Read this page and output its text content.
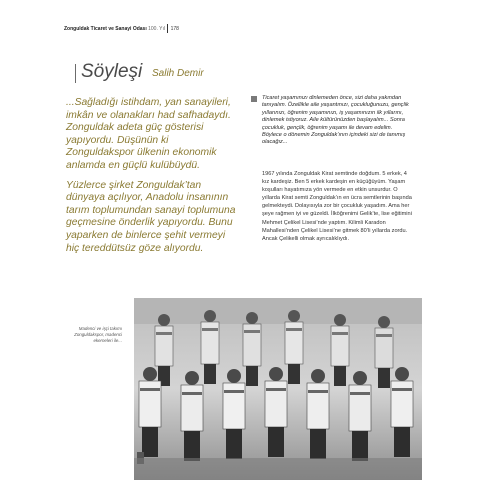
Zonguldak Ticaret ve Sanayi Odası 100. Yıl 178
Söyleşi Salih Demir

...Sağladığı istihdam, yan sanayileri, imkân ve olanakları had safhadaydı. Zonguldak adeta güç gösterisi yapıyordu. Düşünün ki Zonguldakspor ülkenin ekonomik anlamda en güçlü kulübüydü.

Yüzlerce şirket Zonguldak’tan dünyaya açılıyor, Anadolu insanının tarım toplumundan sanayi toplumuna geçmesine önderlik yapıyordu. Bunu yaparken de binlerce şehit vermeyi hiç tereddütsüz göze alıyordu.

Ticaret yaşamınızı dinlemeden önce, sizi daha yakından tanıyalım. Özellikle aile yaşantınızı, çocukluğunuzu, gençlik yıllarınızı, öğrenim yaşamınızı, iş yaşamınızın ilk yıllarını, dinlemek istiyoruz. Aile kültürünüzden başlayalım... Sonra çocukluk, gençlik, öğrenim yaşamı ile devam edelim. Böylece o dönemin Zonguldak’ının içindeki sizi de tanımış olacağız...
1967 yılında Zonguldak Kirat semtinde doğdum. 5 erkek, 4 kız kardeşiz. Ben 5 erkek kardeşin en küçüğüyüm. Yaşam koşulları hayatımıza yön vermede en etkin unsurdur. O yıllarda Kirat semti Zonguldak’ın en ücra semtlerinin başında gelmekteydi. Dolayısıyla zor bir çocukluk yaşadım. Ama her şeye rağmen iyi ve güzeldi. İlköğrenimi Gelik’te, lise eğitimini Mehmet Çelikel Lisesi’nde yaptım. Kilimli Karadon Mahallesi’nden Çelikel Lisesi’ne gitmek 80’li yıllarda zordu. Ancak Çelikelli olmak ayrıcalıklıydı.
Madenci ve işçi takımı Zonguldakspor, madenci ekerneleri ile...
